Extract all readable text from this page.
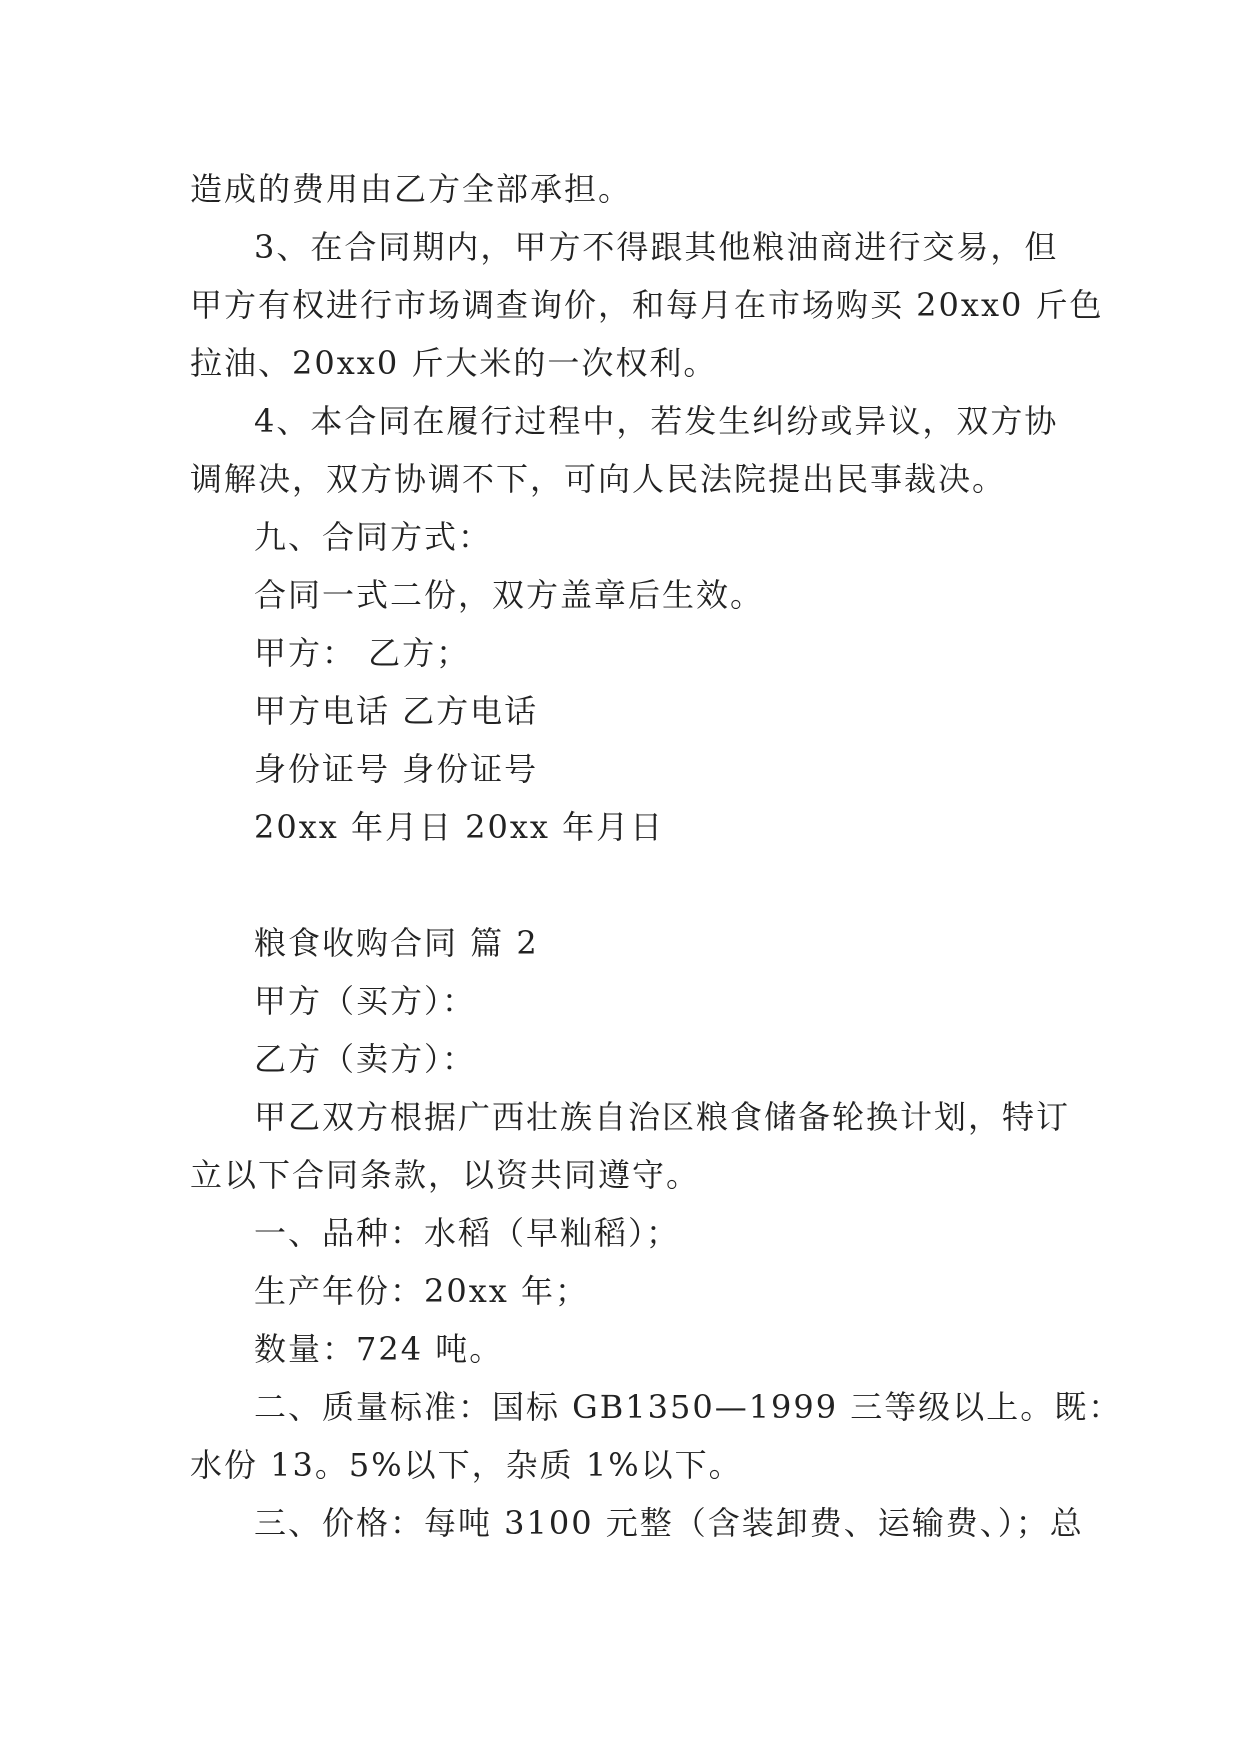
造成的费用由乙方全部承担。

3、在合同期内，甲方不得跟其他粮油商进行交易，但

甲方有权进行市场调查询价，和每月在市场购买 20xx0 斤色

拉油、20xx0 斤大米的一次权利。

4、本合同在履行过程中，若发生纠纷或异议，双方协

调解决，双方协调不下，可向人民法院提出民事裁决。

九、合同方式：

合同一式二份，双方盖章后生效。

甲方： 乙方；

甲方电话 乙方电话

身份证号 身份证号

20xx 年月日 20xx 年月日

粮食收购合同 篇 2

甲方（买方）：

乙方（卖方）：

甲乙双方根据广西壮族自治区粮食储备轮换计划，特订

立以下合同条款，以资共同遵守。

一、品种：水稻（早籼稻）；

生产年份：20xx 年；

数量：724 吨。

二、质量标准：国标 GB1350—1999 三等级以上。既：

水份 13。5%以下，杂质 1%以下。

三、价格：每吨 3100 元整（含装卸费、运输费、）；总
